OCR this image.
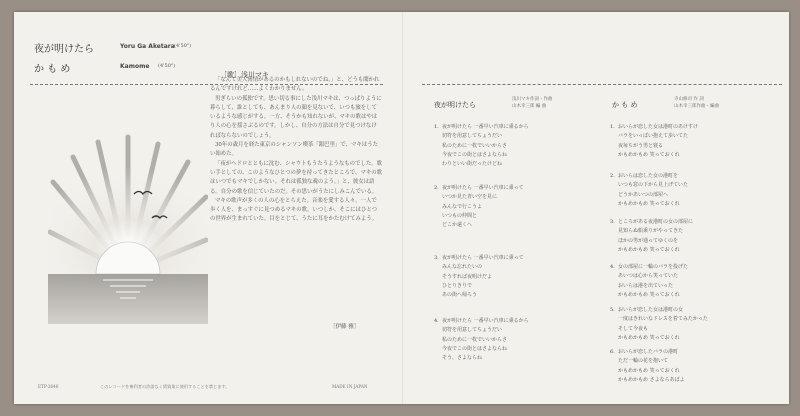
夜が明けたら	Yoru Ga Aketara (4'50")
か も め	Kamome (4'50")
［歌］浅川マキ

「なんて美人薄情があるのかもしれないのでね。」と、どうも聞かれるんですけれど……よくわかりません。

男ぎらいの孤独です。思い切る事にした浅川マキは、つっぱりように暮らして、誰としても、あんまり人の顔を見ないで、いつも旅をしているような感じがする。一方、そうかも知れないが、マキの歌はやはり人の心を揺さぶるのです。しかし、自分の方法は自分で見つけなければならないのでしょう。

30年の歳月を経た東京のシャンソン喫茶「銀巴里」で、マキはうたい始めた。

「夜がヘドロとともに沈む、シャウトもうたうようなものでした。歌い手としての、このようなひとつの夢を持ってきたところで、マキの歌はいつでもマキでしかない。それは孤独な魂のよう。」と、彼女は語る。自分の歌を信じていたのだ。その思いがうたにしみこんでいる。

マキの歌声が多くの人の心をとらえた。音楽を愛する人々。一人で歩く人を、まっすぐに見つめるマキの歌。いつしか、そこにはひとつの世界が生まれていた。目をとじて、うたに耳をかたむけてみよう。

［伊藤 雅］
夜が明けたら
浅川マキ作詞・作曲
山木幸三郎 編 曲
1. 夜が明けたら 一番早い汽車に乗るから
切符を用意してちょうだい
私のために一枚でいいからさ
今夜でこの街とはさよならね
わりといい街だったけどね
2. 夜が明けたら 一番早い汽車に乗って
いつか見た青い空を見に
みんなで行こうよ
いつもの仲間と
どこか遠くへ
3. 夜が明けたら 一番早い汽車に乗って
みんな忘れたいの
そうすれば夜明けだよ
ひとりきりで
あの街へ帰ろう
4. 夜が明けたら 一番早い汽車に乗るから
切符を用意してちょうだい
私のために一枚でいいからさ
今夜でこの街とはさよならね
そう、さよならね
か も め
寺山修司 作 詞
山木幸三郎作曲・編曲
1. おいらが恋した女は港町のあけすけ
バラをいっぱい抱えて歩いてた
夜毎ちがう男と寝る
かもめかもめ 笑っておくれ
2. おいらは恋した女の港町を
いつも窓の下から見上げていた
どうかあいつの部屋へ
かもめかもめ 笑っておくれ
3. ところがある夜港町の女の部屋に
見知らぬ船乗りがやってきた
ほかの男が通ってゆくのを
かもめかもめ 笑っておくれ
4. 女の部屋に一輪のバラを投げた
あいつは心から笑っていた
おいらは港を出ていった
かもめかもめ 笑っておくれ
5. おいらが恋した女は港町の女
一度はきれいなドレスを着てみたかった
そして今夜も
かもめかもめ 笑っておくれ
6. おいらが恋したバラの港町
ただ一輪の花を抱いて
かもめかもめ 笑っておくれ
かもめかもめ さよならあばよ
ETP-2646	このレコードを権利者の許諾なく賃貸業に使用することを禁じます。	MADE IN JAPAN
